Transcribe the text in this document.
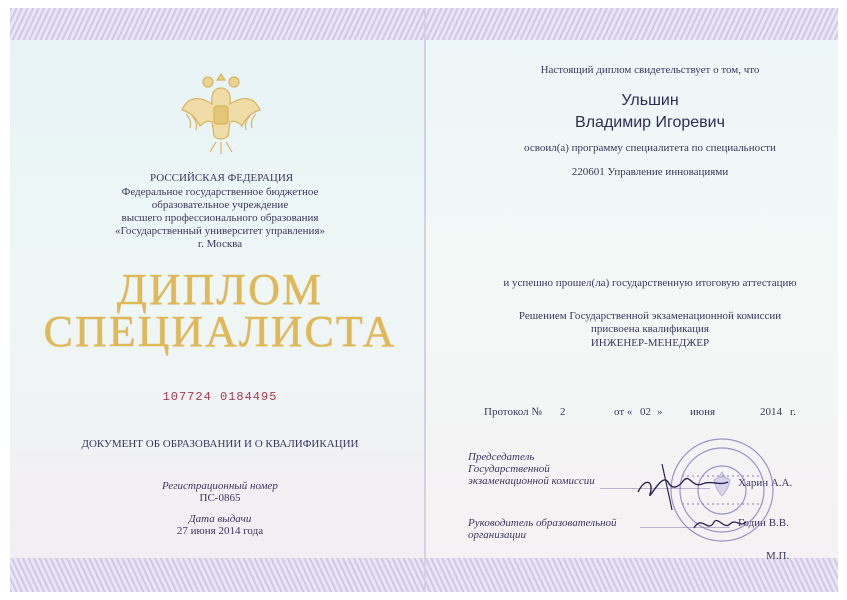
РОССИЙСКАЯ ФЕДЕРАЦИЯ
Федеральное государственное бюджетное
образовательное учреждение
высшего профессионального образования
«Государственный университет управления»
г. Москва
ДИПЛОМ
СПЕЦИАЛИСТА
107724 0184495
ДОКУМЕНТ ОБ ОБРАЗОВАНИИ И О КВАЛИФИКАЦИИ
Регистрационный номер
ПС-0865
Дата выдачи
27 июня 2014 года
Настоящий диплом свидетельствует о том, что
Ульшин
Владимир Игоревич
освоил(а) программу специалитета по специальности
220601 Управление инновациями
и успешно прошел(ла) государственную итоговую аттестацию
Решением Государственной экзаменационной комиссии
присвоена квалификация
ИНЖЕНЕР-МЕНЕДЖЕР
Протокол № 2	от « 02 »	июня	2014 г.
Председатель
Государственной
экзаменационной комиссии	Харин А.А.
Руководитель образовательной
организации
Годин В.В.
М.П.
